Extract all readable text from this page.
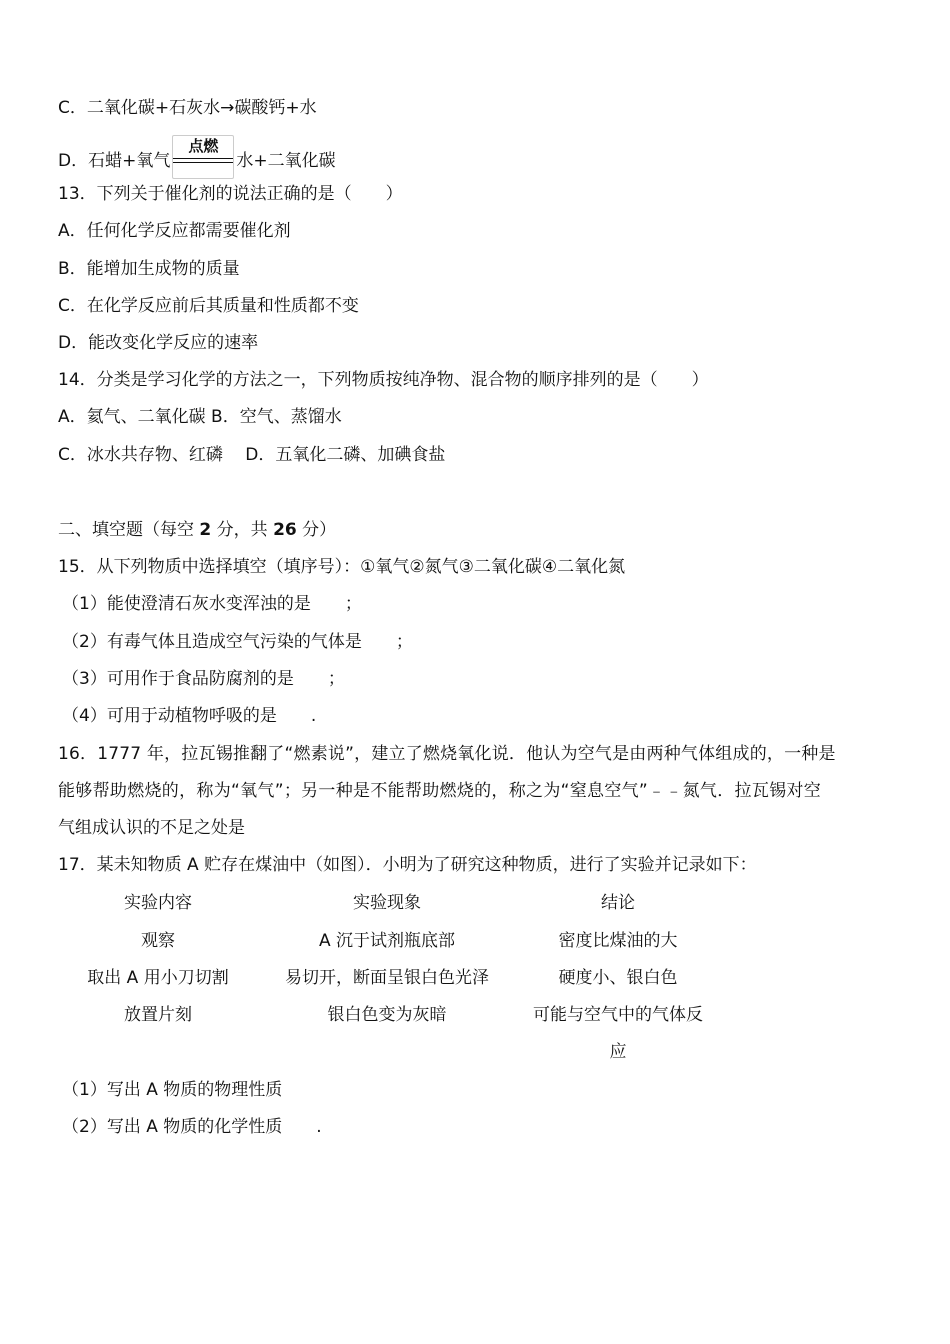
C．二氧化碳+石灰水→碳酸钙+水
D．石蜡+氧气
点燃
水+二氧化碳
13．下列关于催化剂的说法正确的是（　　）
A．任何化学反应都需要催化剂
B．能增加生成物的质量
C．在化学反应前后其质量和性质都不变
D．能改变化学反应的速率
14．分类是学习化学的方法之一，下列物质按纯净物、混合物的顺序排列的是（　　）
A．氦气、二氧化碳 B．空气、蒸馏水
C．冰水共存物、红磷　 D．五氧化二磷、加碘食盐
二、填空题（每空 2 分，共 26 分）
15．从下列物质中选择填空（填序号）：①氧气②氮气③二氧化碳④二氧化氮
（1）能使澄清石灰水变浑浊的是　　；
（2）有毒气体且造成空气污染的气体是　　；
（3）可用作于食品防腐剂的是　　；
（4）可用于动植物呼吸的是　　.
16．1777 年，拉瓦锡推翻了“燃素说”，建立了燃烧氧化说．他认为空气是由两种气体组成的，一种是
能够帮助燃烧的，称为“氧气”；另一种是不能帮助燃烧的，称之为“窒息空气”﹣﹣氮气．拉瓦锡对空
气组成认识的不足之处是
17．某未知物质 A 贮存在煤油中（如图）．小明为了研究这种物质，进行了实验并记录如下：
实验内容	实验现象	结论
观察	A 沉于试剂瓶底部	密度比煤油的大
取出 A 用小刀切割	易切开，断面呈银白色光泽	硬度小、银白色
放置片刻	银白色变为灰暗	可能与空气中的气体反
应
（1）写出 A 物质的物理性质
（2）写出 A 物质的化学性质　　.
